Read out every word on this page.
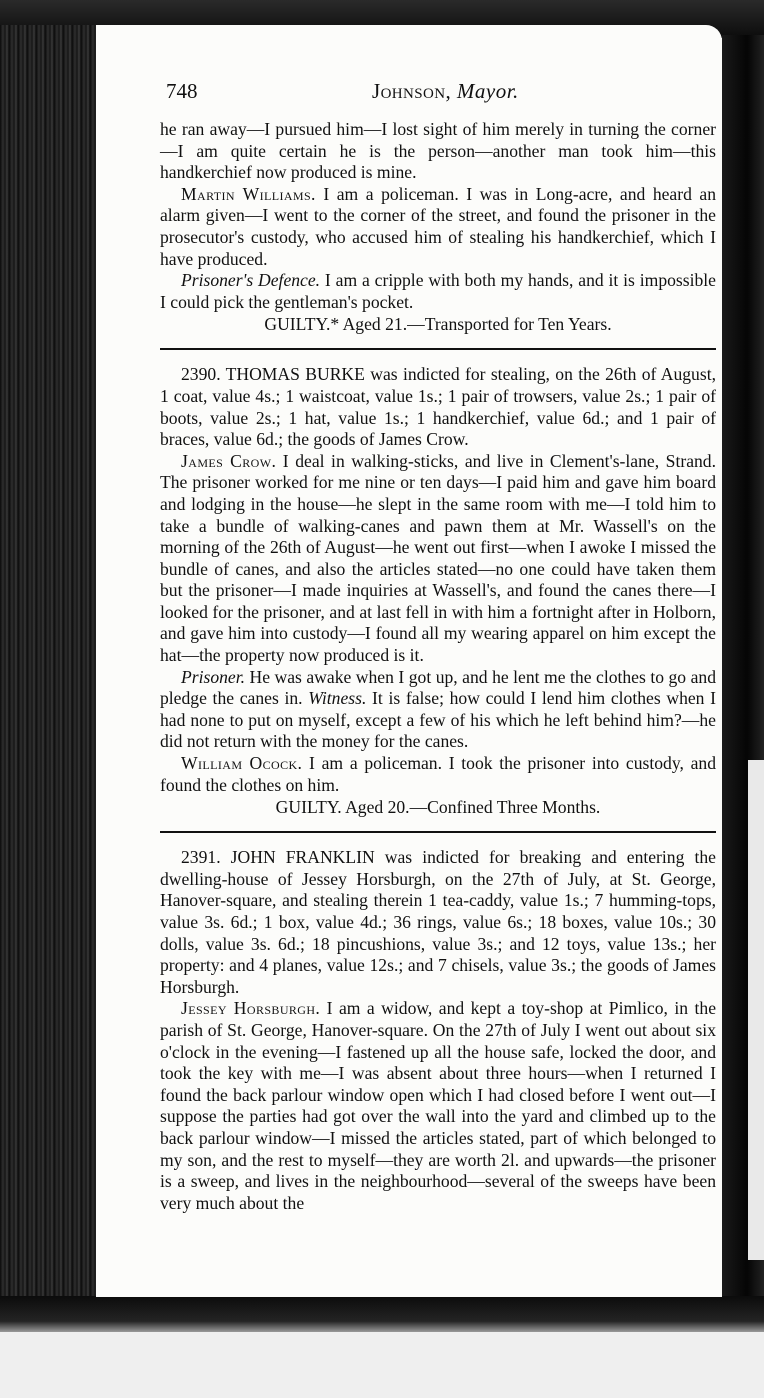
748	Johnson, Mayor.

he ran away—I pursued him—I lost sight of him merely in turning the corner—I am quite certain he is the person—another man took him—this handkerchief now produced is mine.

Martin Williams. I am a policeman. I was in Long-acre, and heard an alarm given—I went to the corner of the street, and found the prisoner in the prosecutor's custody, who accused him of stealing his handkerchief, which I have produced.

Prisoner's Defence. I am a cripple with both my hands, and it is impossible I could pick the gentleman's pocket.

GUILTY.* Aged 21.—Transported for Ten Years.

2390. THOMAS BURKE was indicted for stealing, on the 26th of August, 1 coat, value 4s.; 1 waistcoat, value 1s.; 1 pair of trowsers, value 2s.; 1 pair of boots, value 2s.; 1 hat, value 1s.; 1 handkerchief, value 6d.; and 1 pair of braces, value 6d.; the goods of James Crow.

James Crow. I deal in walking-sticks, and live in Clement's-lane, Strand. The prisoner worked for me nine or ten days—I paid him and gave him board and lodging in the house—he slept in the same room with me—I told him to take a bundle of walking-canes and pawn them at Mr. Wassell's on the morning of the 26th of August—he went out first—when I awoke I missed the bundle of canes, and also the articles stated—no one could have taken them but the prisoner—I made inquiries at Wassell's, and found the canes there—I looked for the prisoner, and at last fell in with him a fortnight after in Holborn, and gave him into custody—I found all my wearing apparel on him except the hat—the property now produced is it.

Prisoner. He was awake when I got up, and he lent me the clothes to go and pledge the canes in. Witness. It is false; how could I lend him clothes when I had none to put on myself, except a few of his which he left behind him?—he did not return with the money for the canes.

William Ocock. I am a policeman. I took the prisoner into custody, and found the clothes on him.

GUILTY. Aged 20.—Confined Three Months.

2391. JOHN FRANKLIN was indicted for breaking and entering the dwelling-house of Jessey Horsburgh, on the 27th of July, at St. George, Hanover-square, and stealing therein 1 tea-caddy, value 1s.; 7 humming-tops, value 3s. 6d.; 1 box, value 4d.; 36 rings, value 6s.; 18 boxes, value 10s.; 30 dolls, value 3s. 6d.; 18 pincushions, value 3s.; and 12 toys, value 13s.; her property: and 4 planes, value 12s.; and 7 chisels, value 3s.; the goods of James Horsburgh.

Jessey Horsburgh. I am a widow, and kept a toy-shop at Pimlico, in the parish of St. George, Hanover-square. On the 27th of July I went out about six o'clock in the evening—I fastened up all the house safe, locked the door, and took the key with me—I was absent about three hours—when I returned I found the back parlour window open which I had closed before I went out—I suppose the parties had got over the wall into the yard and climbed up to the back parlour window—I missed the articles stated, part of which belonged to my son, and the rest to myself—they are worth 2l. and upwards—the prisoner is a sweep, and lives in the neighbourhood—several of the sweeps have been very much about the
